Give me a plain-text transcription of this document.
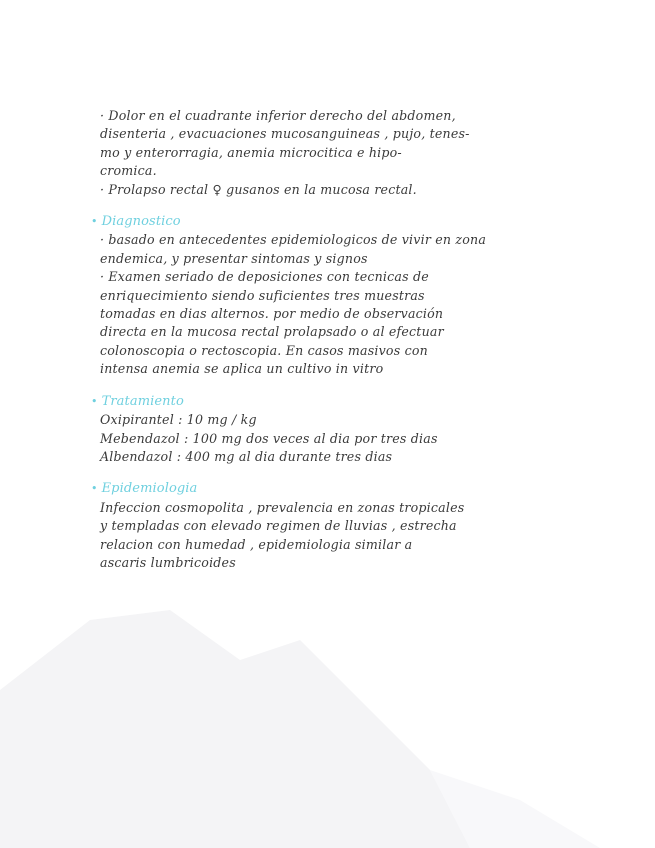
· Dolor en el cuadrante inferior derecho del abdomen,
disenteria , evacuaciones mucosanguineas , pujo, tenes-
mo y enterorragia, anemia microcitica e hipo-
cromica.
· Prolapso rectal ♀ gusanos en la mucosa rectal.
• Diagnostico
· basado en antecedentes epidemiologicos de vivir en zona
endemica, y presentar sintomas y signos
· Examen seriado de deposiciones con tecnicas de
enriquecimiento siendo suficientes tres muestras
tomadas en dias alternos. por medio de observación
directa en la mucosa rectal prolapsado o al efectuar
colonoscopia o rectoscopia. En casos masivos con
intensa anemia se aplica un cultivo in vitro
• Tratamiento
Oxipirantel : 10 mg / kg
Mebendazol : 100 mg dos veces al dia por tres dias
Albendazol : 400 mg al dia durante tres dias
• Epidemiologia
Infeccion cosmopolita , prevalencia en zonas tropicales
y templadas con elevado regimen de lluvias , estrecha
relacion con humedad , epidemiologia similar a
ascaris lumbricoides
